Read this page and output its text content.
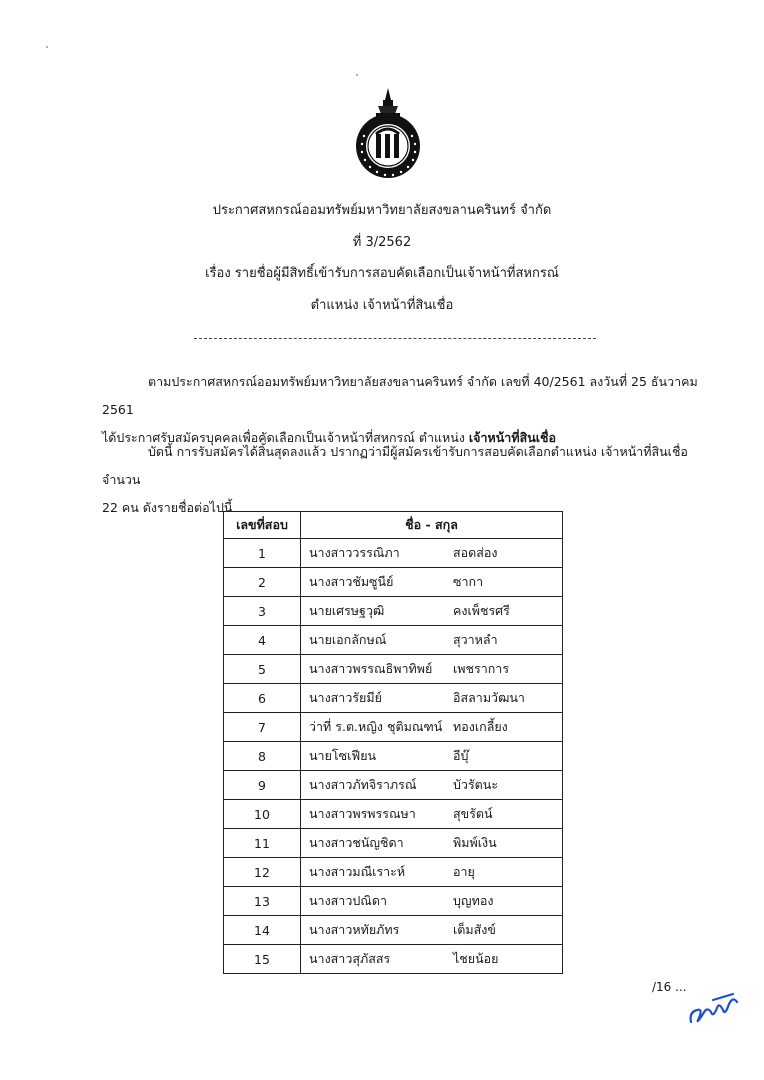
ประกาศสหกรณ์ออมทรัพย์มหาวิทยาลัยสงขลานครินทร์ จำกัด
ที่ 3/2562
เรื่อง รายชื่อผู้มีสิทธิ์เข้ารับการสอบคัดเลือกเป็นเจ้าหน้าที่สหกรณ์
ตำแหน่ง เจ้าหน้าที่สินเชื่อ
ตามประกาศสหกรณ์ออมทรัพย์มหาวิทยาลัยสงขลานครินทร์ จำกัด เลขที่ 40/2561 ลงวันที่ 25 ธันวาคม 2561
ได้ประกาศรับสมัครบุคคลเพื่อคัดเลือกเป็นเจ้าหน้าที่สหกรณ์ ตำแหน่ง เจ้าหน้าที่สินเชื่อ
บัดนี้ การรับสมัครได้สิ้นสุดลงแล้ว ปรากฏว่ามีผู้สมัครเข้ารับการสอบคัดเลือกตำแหน่ง เจ้าหน้าที่สินเชื่อ จำนวน
22 คน ดังรายชื่อต่อไปนี้
เลขที่สอบ	ชื่อ - สกุล
1	นางสาววรรณิภา สอดส่อง
2	นางสาวชัมซูนีย์ ซากา
3	นายเศรษฐวุฒิ คงเพ็ชรศรี
4	นายเอกลักษณ์ สุวาหลำ
5	นางสาวพรรณธิพาทิพย์ เพชราการ
6	นางสาวรัยมีย์ อิสลามวัฒนา
7	ว่าที่ ร.ต.หญิง ชุติมณฑน์ ทองเกลี้ยง
8	นายโซเฟียน อีบุ๊
9	นางสาวภัทจิราภรณ์ บัวรัตนะ
10	นางสาวพรพรรณษา สุขรัตน์
11	นางสาวชนัญชิดา พิมพ์เงิน
12	นางสาวมณีเราะห์ อายุ
13	นางสาวปณิดา บุญทอง
14	นางสาวหทัยภัทร เต็มสังข์
15	นางสาวสุภัสสร ไชยน้อย
/16 ...
